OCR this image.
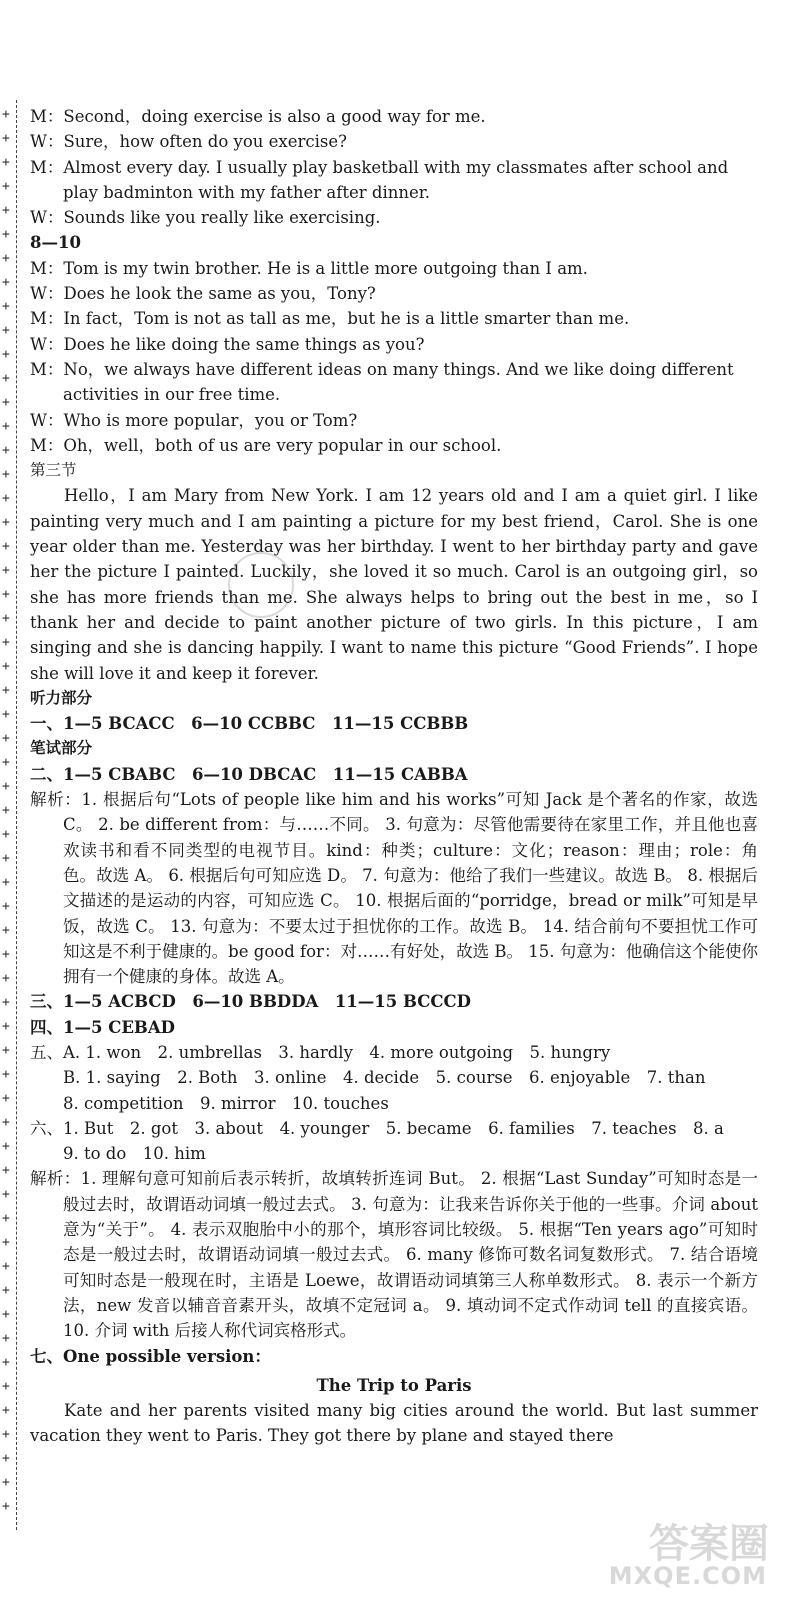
+
+
+
+
+
+
+
+
+
+
+
+
+
+
+
+
+
+
+
+
+
+
+
+
+
+
+
+
+
+
+
+
+
+
+
+
+
+
+
+
+
+
+
+
+
+
+
+
+
+
+
+
+
+
+
+
+
+
+

M：Second，doing exercise is also a good way for me.

W：Sure，how often do you exercise?

M：Almost every day. I usually play basketball with my classmates after school and

play badminton with my father after dinner.

W：Sounds like you really like exercising.

8—10

M：Tom is my twin brother. He is a little more outgoing than I am.

W：Does he look the same as you，Tony?

M：In fact，Tom is not as tall as me，but he is a little smarter than me.

W：Does he like doing the same things as you?

M：No，we always have different ideas on many things. And we like doing different

activities in our free time.

W：Who is more popular，you or Tom?

M：Oh，well，both of us are very popular in our school.

第三节

Hello，I am Mary from New York. I am 12 years old and I am a quiet girl. I like painting very much and I am painting a picture for my best friend，Carol. She is one year older than me. Yesterday was her birthday. I went to her birthday party and gave her the picture I painted. Luckily，she loved it so much. Carol is an outgoing girl，so she has more friends than me. She always helps to bring out the best in me，so I thank her and decide to paint another picture of two girls. In this picture，I am singing and she is dancing happily. I want to name this picture “Good Friends”. I hope she will love it and keep it forever.

听力部分

一、1—5 BCACC　6—10 CCBBC　11—15 CCBBB

笔试部分

二、1—5 CBABC　6—10 DBCAC　11—15 CABBA

解析：1. 根据后句“Lots of people like him and his works”可知 Jack 是个著名的作家，故选 C。 2. be different from：与……不同。 3. 句意为：尽管他需要待在家里工作，并且他也喜欢读书和看不同类型的电视节目。kind：种类；culture：文化；reason：理由；role：角色。故选 A。 6. 根据后句可知应选 D。 7. 句意为：他给了我们一些建议。故选 B。 8. 根据后文描述的是运动的内容，可知应选 C。 10. 根据后面的“porridge，bread or milk”可知是早饭，故选 C。 13. 句意为：不要太过于担忧你的工作。故选 B。 14. 结合前句不要担忧工作可知这是不利于健康的。be good for：对……有好处，故选 B。 15. 句意为：他确信这个能使你拥有一个健康的身体。故选 A。

三、1—5 ACBCD　6—10 BBDDA　11—15 BCCCD

四、1—5 CEBAD

五、A. 1. won　2. umbrellas　3. hardly　4. more outgoing　5. hungry

B. 1. saying　2. Both　3. online　4. decide　5. course　6. enjoyable　7. than

8. competition　9. mirror　10. touches

六、1. But　2. got　3. about　4. younger　5. became　6. families　7. teaches　8. a

9. to do　10. him

解析：1. 理解句意可知前后表示转折，故填转折连词 But。 2. 根据“Last Sunday”可知时态是一般过去时，故谓语动词填一般过去式。 3. 句意为：让我来告诉你关于他的一些事。介词 about 意为“关于”。 4. 表示双胞胎中小的那个，填形容词比较级。 5. 根据“Ten years ago”可知时态是一般过去时，故谓语动词填一般过去式。 6. many 修饰可数名词复数形式。 7. 结合语境可知时态是一般现在时，主语是 Loewe，故谓语动词填第三人称单数形式。 8. 表示一个新方法，new 发音以辅音音素开头，故填不定冠词 a。 9. 填动词不定式作动词 tell 的直接宾语。 10. 介词 with 后接人称代词宾格形式。

七、One possible version：

The Trip to Paris

Kate and her parents visited many big cities around the world. But last summer vacation they went to Paris. They got there by plane and stayed there

答案圈
MXQE.COM
